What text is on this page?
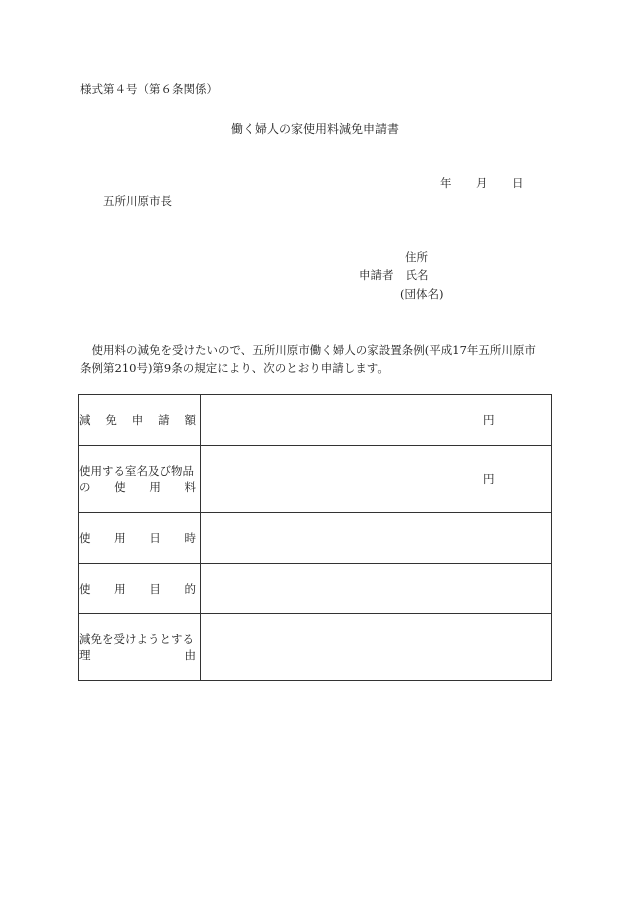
様式第４号（第６条関係）
働く婦人の家使用料減免申請書
年 月 日
五所川原市長
住所
申請者 氏名
(団体名)

　使用料の減免を受けたいので、五所川原市働く婦人の家設置条例(平成17年五所川原市

条例第210号)第9条の規定により、次のとおり申請します。

減 免 申 請 額	円

使用する室名及び物品
の 使 用 料	円

使 用 日 時	

使 用 目 的	

減免を受けようとする
理 由	
